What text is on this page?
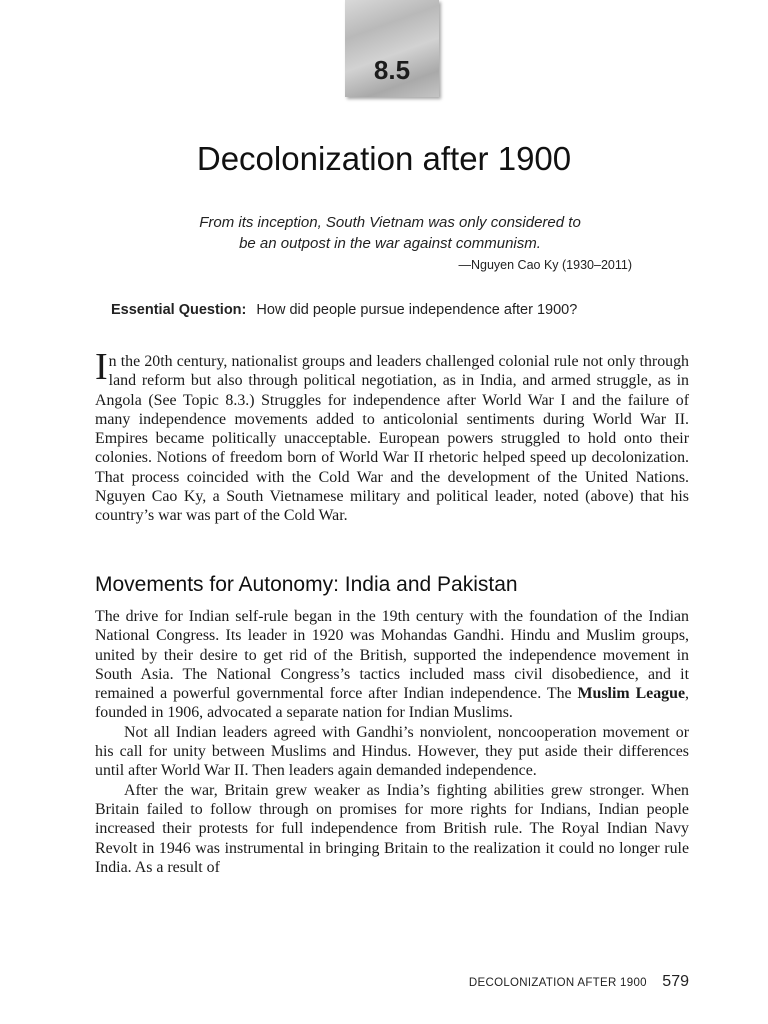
8.5
Decolonization after 1900
From its inception, South Vietnam was only considered to
be an outpost in the war against communism.
—Nguyen Cao Ky (1930–2011)
Essential Question: How did people pursue independence after 1900?

In the 20th century, nationalist groups and leaders challenged colonial rule not only through land reform but also through political negotiation, as in India, and armed struggle, as in Angola (See Topic 8.3.) Struggles for independence after World War I and the failure of many independence movements added to anticolonial sentiments during World War II. Empires became politically unacceptable. European powers struggled to hold onto their colonies. Notions of freedom born of World War II rhetoric helped speed up decolonization. That process coincided with the Cold War and the development of the United Nations. Nguyen Cao Ky, a South Vietnamese military and political leader, noted (above) that his country’s war was part of the Cold War.

Movements for Autonomy: India and Pakistan

The drive for Indian self-rule began in the 19th century with the foundation of the Indian National Congress. Its leader in 1920 was Mohandas Gandhi. Hindu and Muslim groups, united by their desire to get rid of the British, supported the independence movement in South Asia. The National Congress’s tactics included mass civil disobedience, and it remained a powerful governmental force after Indian independence. The Muslim League, founded in 1906, advocated a separate nation for Indian Muslims.

Not all Indian leaders agreed with Gandhi’s nonviolent, noncooperation movement or his call for unity between Muslims and Hindus. However, they put aside their differences until after World War II. Then leaders again demanded independence.

After the war, Britain grew weaker as India’s fighting abilities grew stronger. When Britain failed to follow through on promises for more rights for Indians, Indian people increased their protests for full independence from British rule. The Royal Indian Navy Revolt in 1946 was instrumental in bringing Britain to the realization it could no longer rule India. As a result of

DECOLONIZATION AFTER 1900 579
